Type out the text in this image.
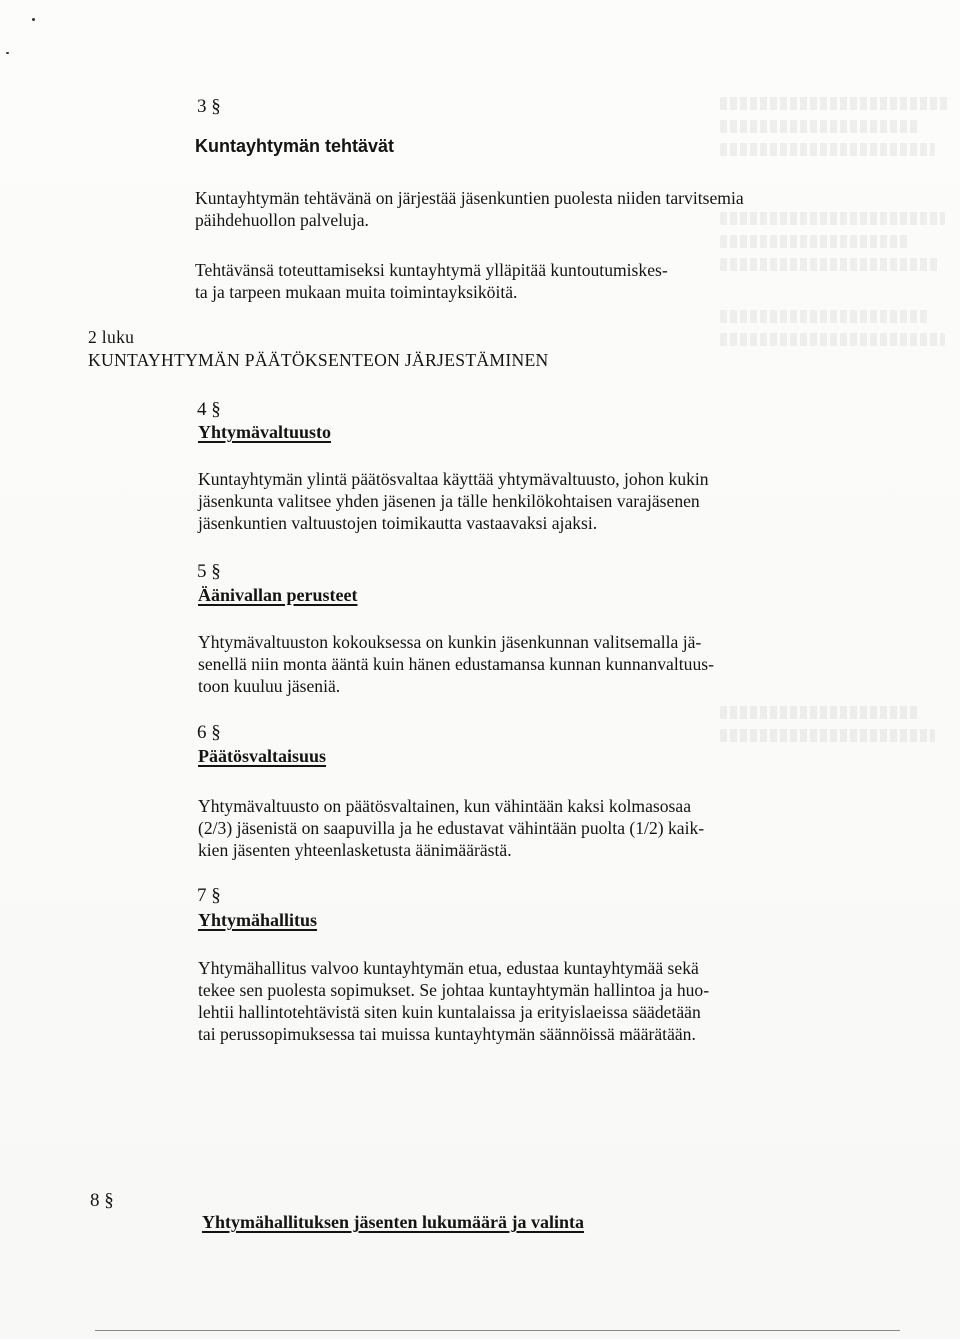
3 §
Kuntayhtymän tehtävät
Kuntayhtymän tehtävänä on järjestää jäsenkuntien puolesta niiden tarvitsemia
päihdehuollon palveluja.
Tehtävänsä toteuttamiseksi kuntayhtymä ylläpitää kuntoutumiskes-
ta ja tarpeen mukaan muita toimintayksiköitä.
2 luku
KUNTAYHTYMÄN PÄÄTÖKSENTEON JÄRJESTÄMINEN
4 §
Yhtymävaltuusto
Kuntayhtymän ylintä päätösvaltaa käyttää yhtymävaltuusto, johon kukin
jäsenkunta valitsee yhden jäsenen ja tälle henkilökohtaisen varajäsenen
jäsenkuntien valtuustojen toimikautta vastaavaksi ajaksi.
5 §
Äänivallan perusteet
Yhtymävaltuuston kokouksessa on kunkin jäsenkunnan valitsemalla jä-
senellä niin monta ääntä kuin hänen edustamansa kunnan kunnanvaltuus-
toon kuuluu jäseniä.
6 §
Päätösvaltaisuus
Yhtymävaltuusto on päätösvaltainen, kun vähintään kaksi kolmasosaa
(2/3) jäsenistä on saapuvilla ja he edustavat vähintään puolta (1/2) kaik-
kien jäsenten yhteenlasketusta äänimäärästä.
7 §
Yhtymähallitus
Yhtymähallitus valvoo kuntayhtymän etua, edustaa kuntayhtymää sekä
tekee sen puolesta sopimukset. Se johtaa kuntayhtymän hallintoa ja huo-
lehtii hallintotehtävistä siten kuin kuntalaissa ja erityislaeissa säädetään
tai perussopimuksessa tai muissa kuntayhtymän säännöissä määrätään.
8 §
Yhtymähallituksen jäsenten lukumäärä ja valinta
